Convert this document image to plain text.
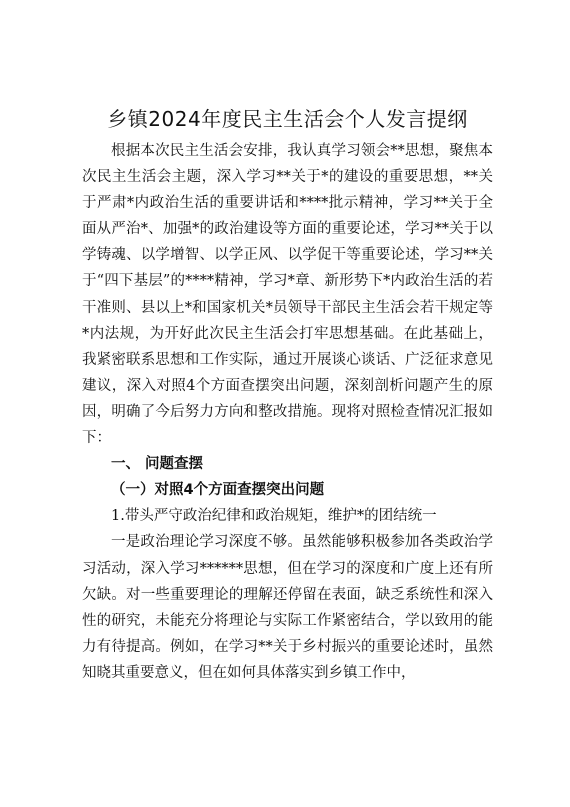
乡镇2024年度民主生活会个人发言提纲

根据本次民主生活会安排，我认真学习领会**思想，聚焦本次民主生活会主题，深入学习**关于*的建设的重要思想，**关于严肃*内政治生活的重要讲话和****批示精神，学习**关于全面从严治*、加强*的政治建设等方面的重要论述，学习**关于以学铸魂、以学增智、以学正风、以学促干等重要论述，学习**关于“四下基层”的****精神，学习*章、新形势下*内政治生活的若干准则、县以上*和国家机关*员领导干部民主生活会若干规定等*内法规，为开好此次民主生活会打牢思想基础。在此基础上，我紧密联系思想和工作实际，通过开展谈心谈话、广泛征求意见建议，深入对照4个方面查摆突出问题，深刻剖析问题产生的原因，明确了今后努力方向和整改措施。现将对照检查情况汇报如下：

一、 问题查摆
（一）对照4个方面查摆突出问题
1.带头严守政治纪律和政治规矩，维护*的团结统一

一是政治理论学习深度不够。虽然能够积极参加各类政治学习活动，深入学习******思想，但在学习的深度和广度上还有所欠缺。对一些重要理论的理解还停留在表面，缺乏系统性和深入性的研究，未能充分将理论与实际工作紧密结合，学以致用的能力有待提高。例如，在学习**关于乡村振兴的重要论述时，虽然知晓其重要意义，但在如何具体落实到乡镇工作中，
